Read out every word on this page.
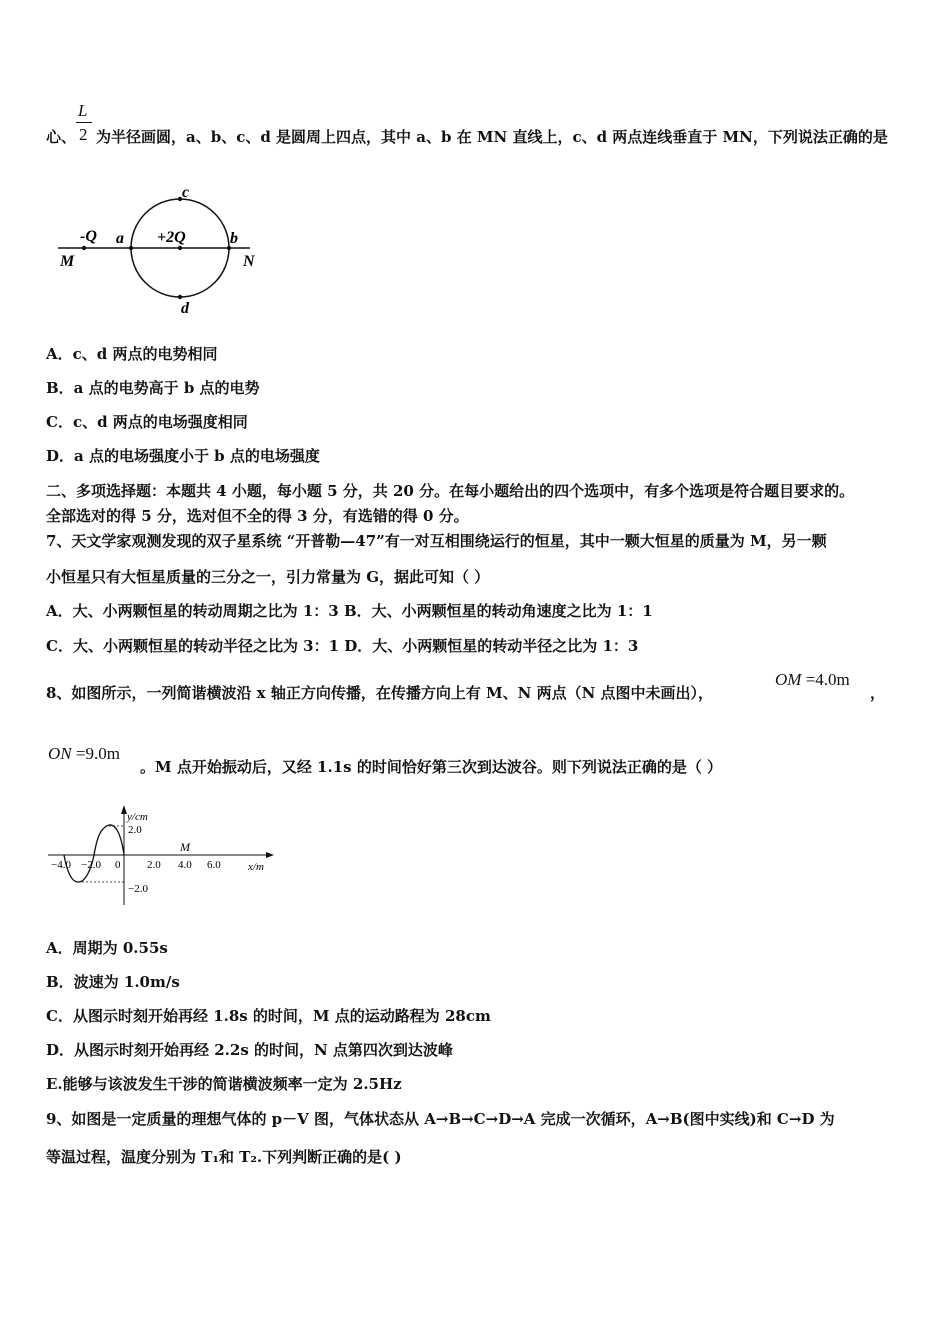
L
2
心、 为半径画圆，a、b、c、d 是圆周上四点，其中 a、b 在 MN 直线上，c、d 两点连线垂直于 MN，下列说法正确的是
c
d
a	b
-Q	+2Q
M	N
A．c、d 两点的电势相同
B．a 点的电势高于 b 点的电势
C．c、d 两点的电场强度相同
D．a 点的电场强度小于 b 点的电场强度
二、多项选择题：本题共 4 小题，每小题 5 分，共 20 分。在每小题给出的四个选项中，有多个选项是符合题目要求的。
全部选对的得 5 分，选对但不全的得 3 分，有选错的得 0 分。
7、天文学家观测发现的双子星系统 “开普勒—47”有一对互相围绕运行的恒星，其中一颗大恒星的质量为 M，另一颗
小恒星只有大恒星质量的三分之一，引力常量为 G，据此可知（ ）
A．大、小两颗恒星的转动周期之比为 1：3 B．大、小两颗恒星的转动角速度之比为 1：1
C．大、小两颗恒星的转动半径之比为 3：1 D．大、小两颗恒星的转动半径之比为 1：3
8、如图所示，一列简谐横波沿 x 轴正方向传播，在传播方向上有 M、N 两点（N 点图中未画出），
OM =4.0m
，
ON =9.0m
。M 点开始振动后，又经 1.1s 的时间恰好第三次到达波谷。则下列说法正确的是（ ）
y/cm
x/m
2.0
−2.0
−4.0 −2.0 0 2.0 4.0 6.0
M
A．周期为 0.55s
B．波速为 1.0m/s
C．从图示时刻开始再经 1.8s 的时间，M 点的运动路程为 28cm
D．从图示时刻开始再经 2.2s 的时间，N 点第四次到达波峰
E.能够与该波发生干涉的简谐横波频率一定为 2.5Hz
9、如图是一定质量的理想气体的 p－V 图，气体状态从 A→B→C→D→A 完成一次循环，A→B(图中实线)和 C→D 为
等温过程，温度分别为 T₁和 T₂.下列判断正确的是( )
